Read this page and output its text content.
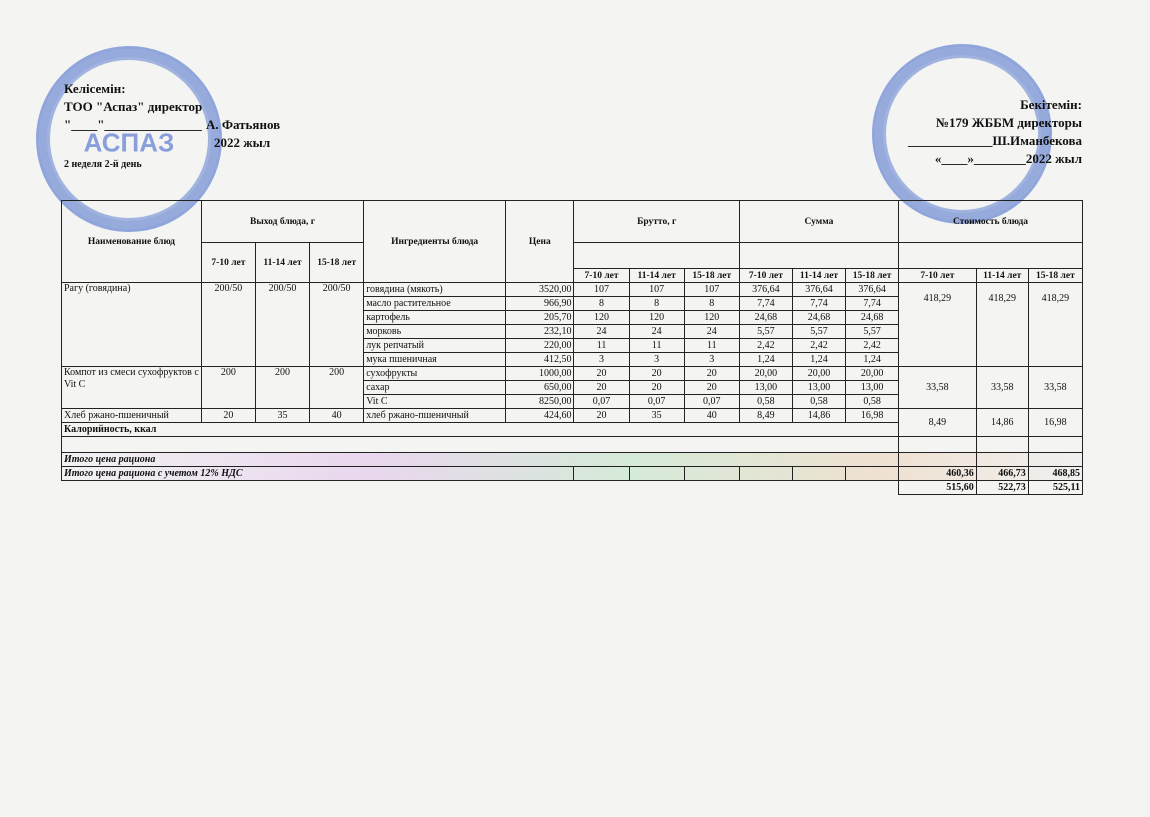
АСПАЗ
Келісемін:
ТОО "Аспаз" директор
"____"_______________ А. Фатьянов
2022 жыл
2 неделя 2-й день
Бекітемін:
№179 ЖББМ директоры
_____________Ш.Иманбекова
«____»________2022 жыл
Наименование блюд	Выход блюда, г			Ингредиенты блюда	Цена	Брутто, г			Сумма			Стоимость блюда		
	7-10 лет	11-14 лет	15-18 лет											
						7-10 лет	11-14 лет	15-18 лет	7-10 лет	11-14 лет	15-18 лет	7-10 лет	11-14 лет	15-18 лет
Рагу (говядина)	200/50	200/50	200/50	говядина (мякоть)	3520,00	107	107	107	376,64	376,64	376,64	418,29	418,29	418,29
				масло растительное	966,90	8	8	8	7,74	7,74	7,74			
				картофель	205,70	120	120	120	24,68	24,68	24,68			
				морковь	232,10	24	24	24	5,57	5,57	5,57			
				лук репчатый	220,00	11	11	11	2,42	2,42	2,42			
				мука пшеничная	412,50	3	3	3	1,24	1,24	1,24			
Компот из смеси сухофруктов с Vit C	200	200	200	сухофрукты	1000,00	20	20	20	20,00	20,00	20,00	33,58	33,58	33,58
				сахар	650,00	20	20	20	13,00	13,00	13,00			
				Vit C	8250,00	0,07	0,07	0,07	0,58	0,58	0,58			
Хлеб ржано-пшеничный	20	35	40	хлеб ржано-пшеничный	424,60	20	35	40	8,49	14,86	16,98	8,49	14,86	16,98
Калорийность, ккал														

Итого цена рациона														
Итого цена рациона с учетом 12% НДС												460,36	466,73	468,85
												515,60	522,73	525,11
